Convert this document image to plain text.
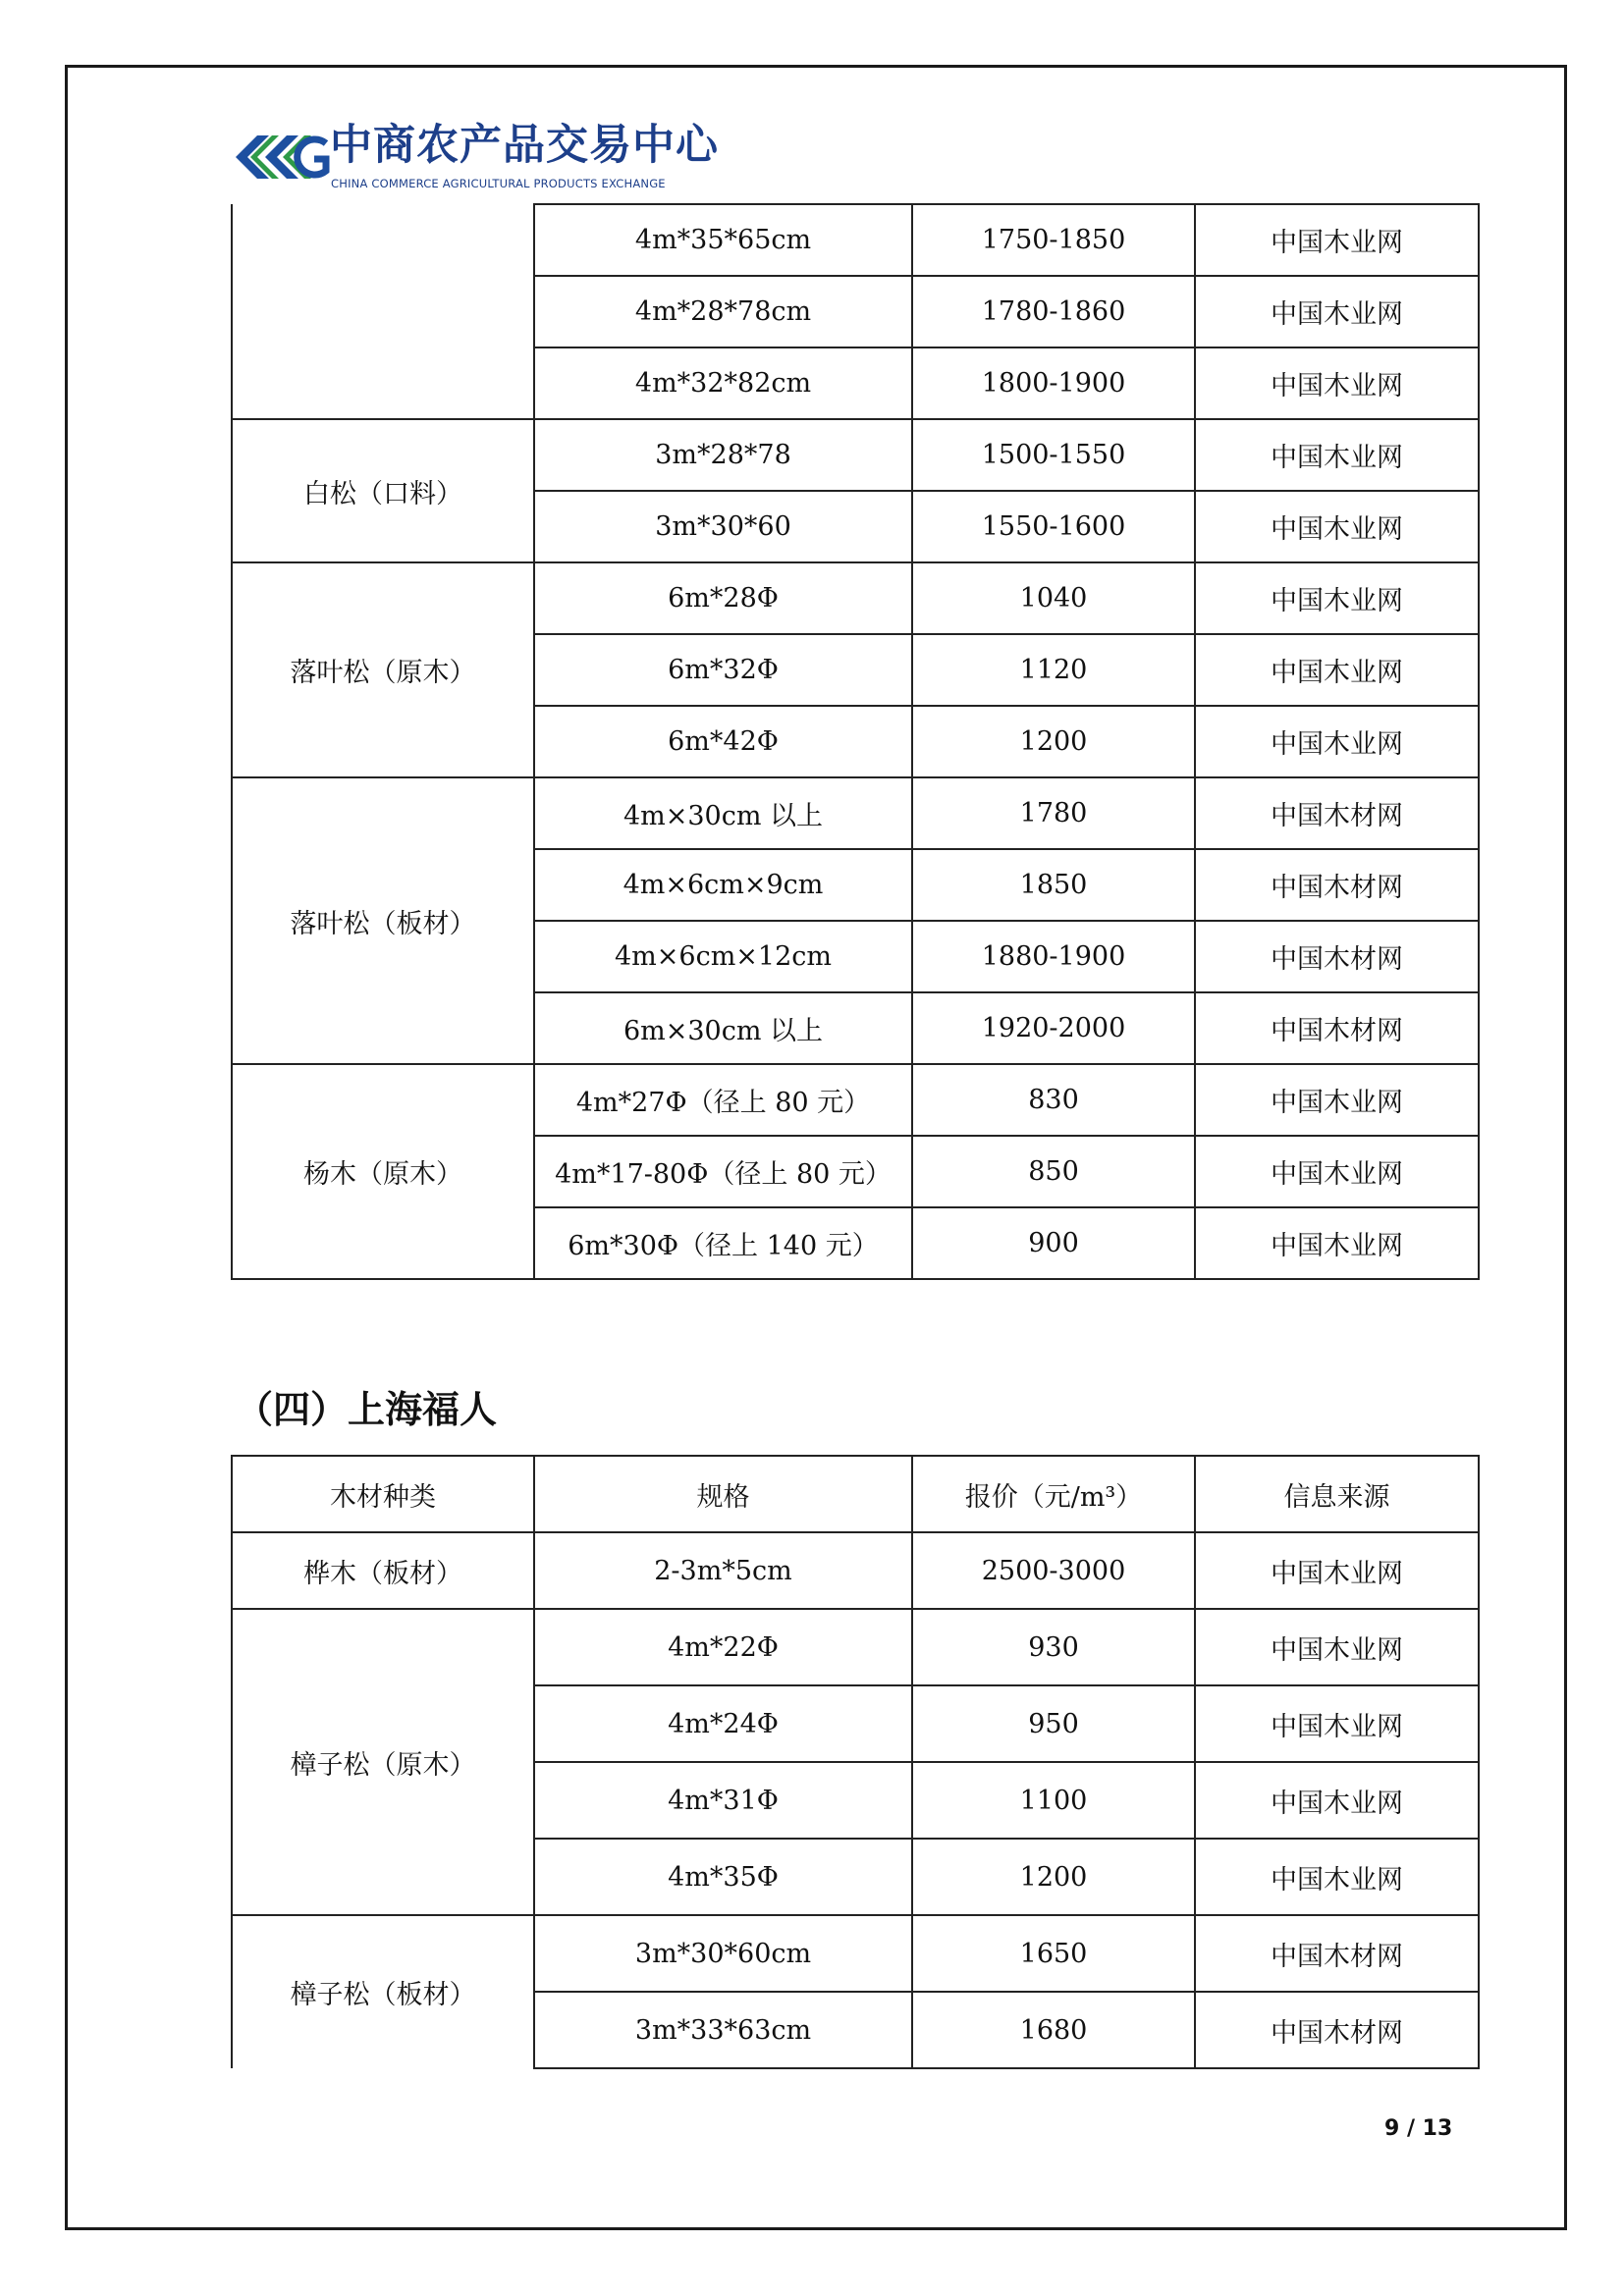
中商农产品交易中心
CHINA COMMERCE AGRICULTURAL PRODUCTS EXCHANGE
	4m*35*65cm	1750-1850	中国木业网
	4m*28*78cm	1780-1860	中国木业网
	4m*32*82cm	1800-1900	中国木业网
白松（口料）	3m*28*78	1500-1550	中国木业网
	3m*30*60	1550-1600	中国木业网
落叶松（原木）	6m*28Φ	1040	中国木业网
	6m*32Φ	1120	中国木业网
	6m*42Φ	1200	中国木业网
落叶松（板材）	4m×30cm 以上	1780	中国木材网
	4m×6cm×9cm	1850	中国木材网
	4m×6cm×12cm	1880-1900	中国木材网
	6m×30cm 以上	1920-2000	中国木材网
杨木（原木）	4m*27Φ（径上 80 元）	830	中国木业网
	4m*17-80Φ（径上 80 元）	850	中国木业网
	6m*30Φ（径上 140 元）	900	中国木业网
（四）上海福人
木材种类	规格	报价（元/m³）	信息来源
桦木（板材）	2-3m*5cm	2500-3000	中国木业网
樟子松（原木）	4m*22Φ	930	中国木业网
	4m*24Φ	950	中国木业网
	4m*31Φ	1100	中国木业网
	4m*35Φ	1200	中国木业网
樟子松（板材）	3m*30*60cm	1650	中国木材网
	3m*33*63cm	1680	中国木材网
9 / 13
